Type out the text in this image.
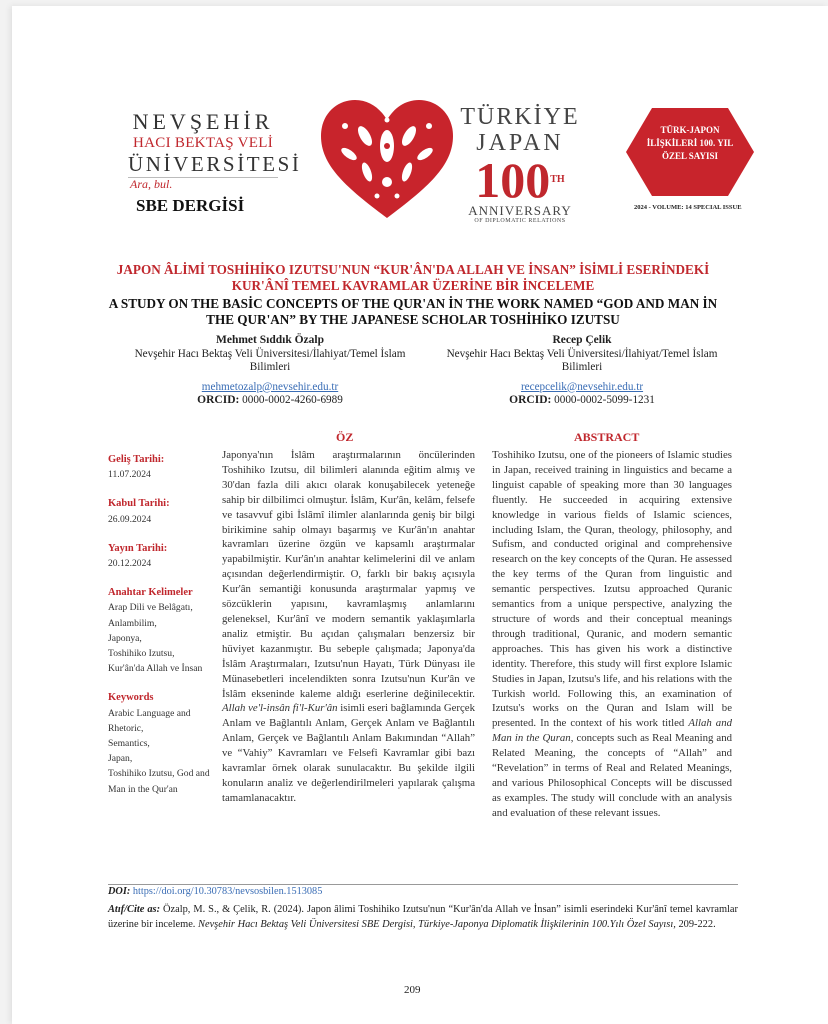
NEVŞEHİR
HACI BEKTAŞ VELİ
ÜNİVERSİTESİ
Ara, bul.
SBE DERGİSİ
TÜRKİYE
JAPAN
100TH
ANNIVERSARY
OF DIPLOMATIC RELATIONS
TÜRK-JAPON
İLİŞKİLERİ 100. YIL
ÖZEL SAYISI
2024 - VOLUME: 14 SPECIAL ISSUE
JAPON ÂLİMİ TOSHİHİKO IZUTSU'NUN “KUR'ÂN'DA ALLAH VE İNSAN” İSİMLİ ESERİNDEKİ KUR'ÂNÎ TEMEL KAVRAMLAR ÜZERİNE BİR İNCELEME
A STUDY ON THE BASİC CONCEPTS OF THE QUR'AN İN THE WORK NAMED “GOD AND MAN İN THE QUR'AN” BY THE JAPANESE SCHOLAR TOSHİHİKO IZUTSU
Mehmet Sıddık Özalp
Nevşehir Hacı Bektaş Veli Üniversitesi/İlahiyat/Temel İslam Bilimleri

mehmetozalp@nevsehir.edu.tr
ORCID: 0000-0002-4260-6989
Recep Çelik
Nevşehir Hacı Bektaş Veli Üniversitesi/İlahiyat/Temel İslam Bilimleri

recepcelik@nevsehir.edu.tr
ORCID: 0000-0002-5099-1231
ÖZ	ABSTRACT
Geliş Tarihi:
11.07.2024
Kabul Tarihi:
26.09.2024
Yayın Tarihi:
20.12.2024
Anahtar Kelimeler
Arap Dili ve Belâgatı,
Anlambilim,
Japonya,
Toshihiko Izutsu,
Kur'ân'da Allah ve İnsan
Keywords
Arabic Language and Rhetoric,
Semantics,
Japan,
Toshihiko Izutsu, God and Man in the Qur'an
Japonya'nın İslâm araştırmalarının öncülerinden Toshihiko Izutsu, dil bilimleri alanında eğitim almış ve 30'dan fazla dili akıcı olarak konuşabilecek yeteneğe sahip bir dilbilimci olmuştur. İslâm, Kur'ân, kelâm, felsefe ve tasavvuf gibi İslâmî ilimler alanlarında geniş bir bilgi birikimine sahip olmayı başarmış ve Kur'ân'ın anahtar kavramları üzerine özgün ve kapsamlı araştırmalar yapabilmiştir. Kur'ân'ın anahtar kelimelerini dil ve anlam açısından değerlendirmiştir. O, farklı bir bakış açısıyla Kur'ân semantiği konusunda araştırmalar yapmış ve sözcüklerin yapısını, kavramlaşmış anlamlarını geleneksel, Kur'ânî ve modern semantik yaklaşımlarla analiz etmiştir. Bu açıdan çalışmaları benzersiz bir hüviyet kazanmıştır. Bu sebeple çalışmada; Japonya'da İslâm Araştırmaları, Izutsu'nun Hayatı, Türk Dünyası ile Münasebetleri incelendikten sonra Izutsu'nun Kur'ân ve İslâm ekseninde kaleme aldığı eserlerine değinilecektir. Allah ve'l-insân fi'l-Kur'ân isimli eseri bağlamında Gerçek Anlam ve Bağlantılı Anlam, Gerçek Anlam ve Bağlantılı Anlam, Gerçek ve Bağlantılı Anlam Bakımından “Allah” ve “Vahiy” Kavramları ve Felsefi Kavramlar gibi bazı kavramlar örnek olarak sunulacaktır. Bu şekilde ilgili konuların analiz ve değerlendirilmeleri yapılarak çalışma tamamlanacaktır.
Toshihiko Izutsu, one of the pioneers of Islamic studies in Japan, received training in linguistics and became a linguist capable of speaking more than 30 languages fluently. He succeeded in acquiring extensive knowledge in various fields of Islamic sciences, including Islam, the Quran, theology, philosophy, and Sufism, and conducted original and comprehensive research on the key concepts of the Quran. He assessed the key terms of the Quran from linguistic and semantic perspectives. Izutsu approached Quranic semantics from a unique perspective, analyzing the structure of words and their conceptual meanings through traditional, Quranic, and modern semantic approaches. This has given his work a distinctive identity. Therefore, this study will first explore Islamic Studies in Japan, Izutsu's life, and his relations with the Turkish world. Following this, an examination of Izutsu's works on the Quran and Islam will be presented. In the context of his work titled Allah and Man in the Quran, concepts such as Real Meaning and Related Meaning, the concepts of “Allah” and “Revelation” in terms of Real and Related Meanings, and various Philosophical Concepts will be discussed as examples. The study will conclude with an analysis and evaluation of these relevant issues.
DOI: https://doi.org/10.30783/nevsosbilen.1513085
Atıf/Cite as: Özalp, M. S., & Çelik, R. (2024). Japon âlimi Toshihiko Izutsu'nun “Kur'ân'da Allah ve İnsan” isimli eserindeki Kur'ânî temel kavramlar üzerine bir inceleme. Nevşehir Hacı Bektaş Veli Üniversitesi SBE Dergisi, Türkiye-Japonya Diplomatik İlişkilerinin 100.Yılı Özel Sayısı, 209-222.
209
